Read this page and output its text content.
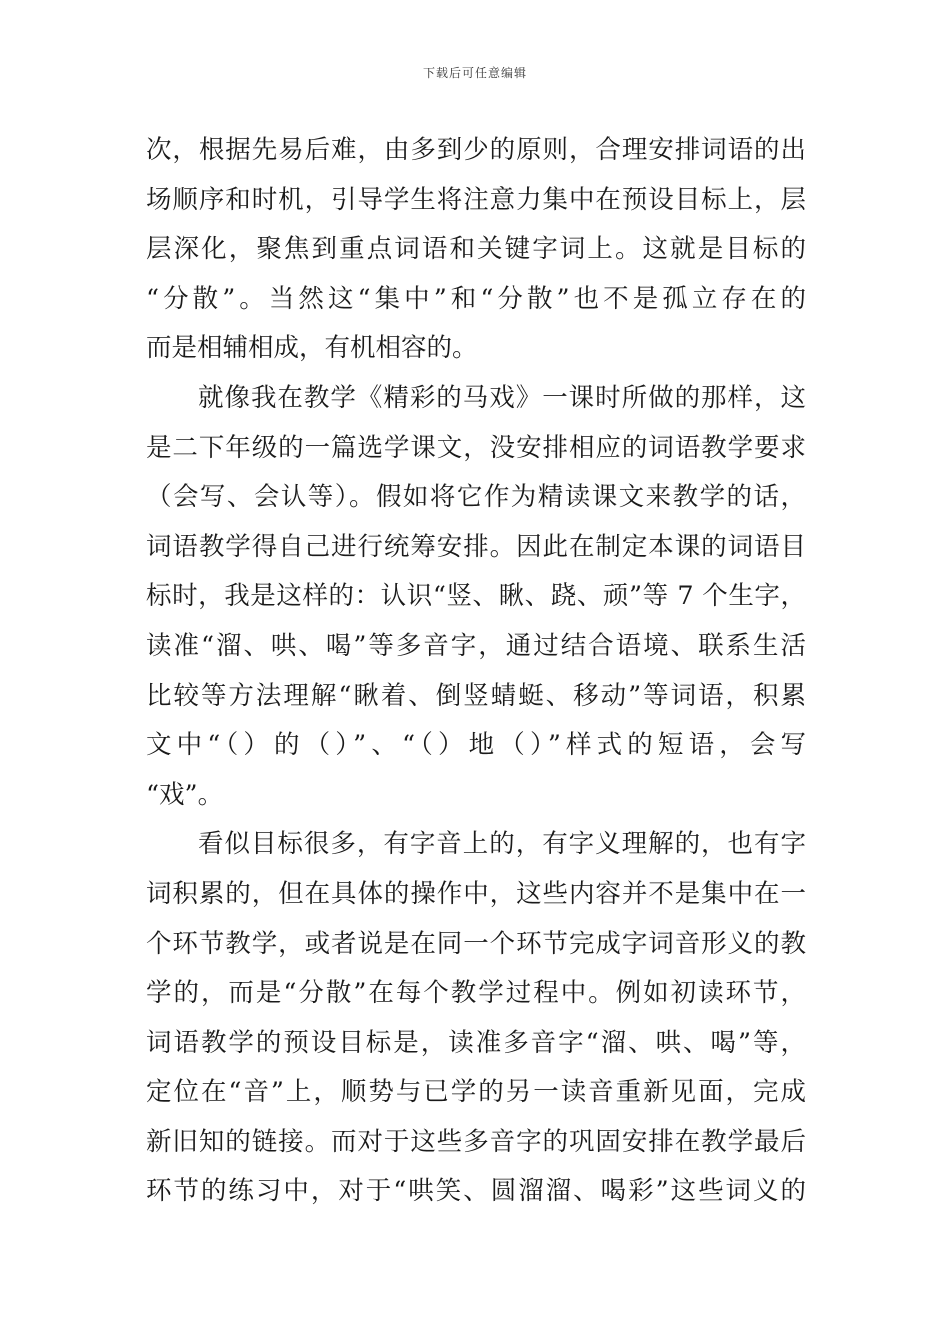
下载后可任意编辑
次，根据先易后难，由多到少的原则，合理安排词语的出
场顺序和时机，引导学生将注意力集中在预设目标上，层
层深化，聚焦到重点词语和关键字词上。这就是目标的
“分散”。当然这“集中”和“分散”也不是孤立存在的
而是相辅相成，有机相容的。
就像我在教学《精彩的马戏》一课时所做的那样，这
是二下年级的一篇选学课文，没安排相应的词语教学要求
（会写、会认等）。假如将它作为精读课文来教学的话，
词语教学得自己进行统筹安排。因此在制定本课的词语目
标时，我是这样的：认识“竖、瞅、跷、顽”等 7 个生字，
读准“溜、哄、喝”等多音字，通过结合语境、联系生活
比较等方法理解“瞅着、倒竖蜻蜓、移动”等词语，积累
文中“（）的（）”、“（）地（）”样式的短语，会写
“戏”。
看似目标很多，有字音上的，有字义理解的，也有字
词积累的，但在具体的操作中，这些内容并不是集中在一
个环节教学，或者说是在同一个环节完成字词音形义的教
学的，而是“分散”在每个教学过程中。例如初读环节，
词语教学的预设目标是，读准多音字“溜、哄、喝”等，
定位在“音”上，顺势与已学的另一读音重新见面，完成
新旧知的链接。而对于这些多音字的巩固安排在教学最后
环节的练习中，对于“哄笑、圆溜溜、喝彩”这些词义的
